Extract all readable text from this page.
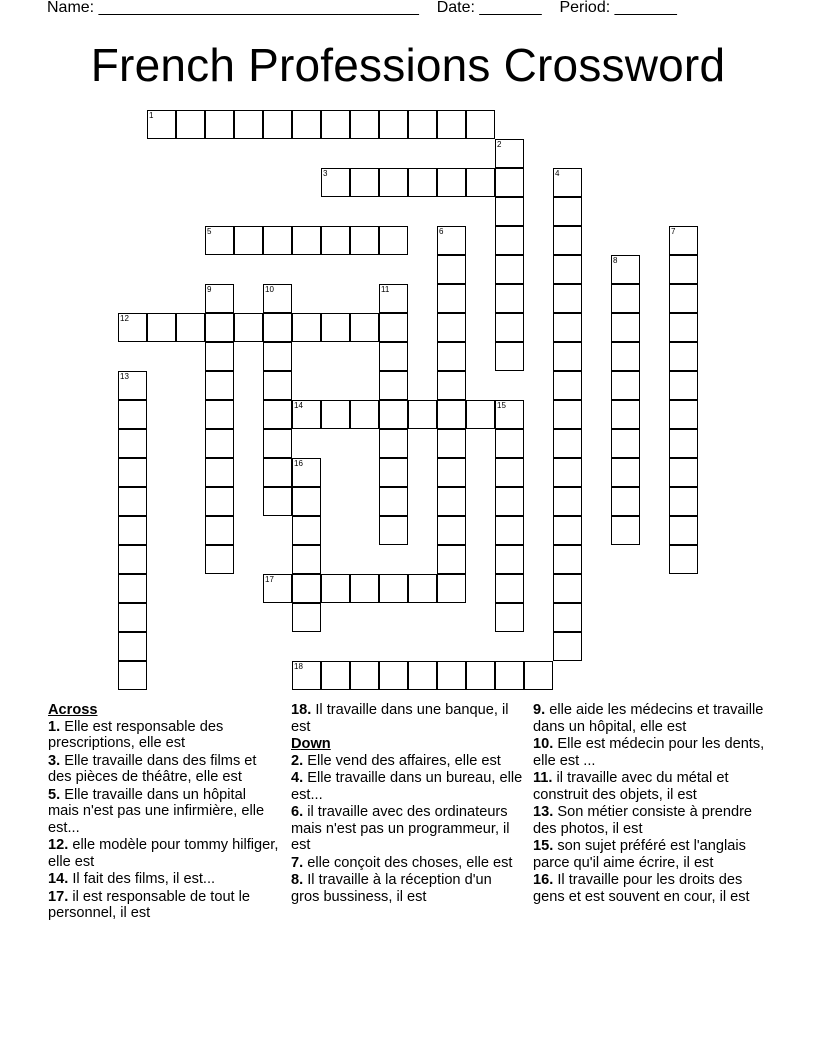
Name: ____________________________________ Date: _______ Period: _______
French Professions Crossword
1
2
3	4
5	6	7
8
9	10	11
12
13
14	15
16
17
18
Across
1. Elle est responsable des prescriptions, elle est
3. Elle travaille dans des films et des pièces de théâtre, elle est
5. Elle travaille dans un hôpital mais n'est pas une infirmière, elle est...
12. elle modèle pour tommy hilfiger, elle est
14. Il fait des films, il est...
17. il est responsable de tout le personnel, il est
18. Il travaille dans une banque, il est
Down
2. Elle vend des affaires, elle est
4. Elle travaille dans un bureau, elle est...
6. il travaille avec des ordinateurs mais n'est pas un programmeur, il est
7. elle conçoit des choses, elle est
8. Il travaille à la réception d'un gros bussiness, il est
9. elle aide les médecins et travaille dans un hôpital, elle est
10. Elle est médecin pour les dents, elle est ...
11. il travaille avec du métal et construit des objets, il est
13. Son métier consiste à prendre des photos, il est
15. son sujet préféré est l'anglais parce qu'il aime écrire, il est
16. Il travaille pour les droits des gens et est souvent en cour, il est
